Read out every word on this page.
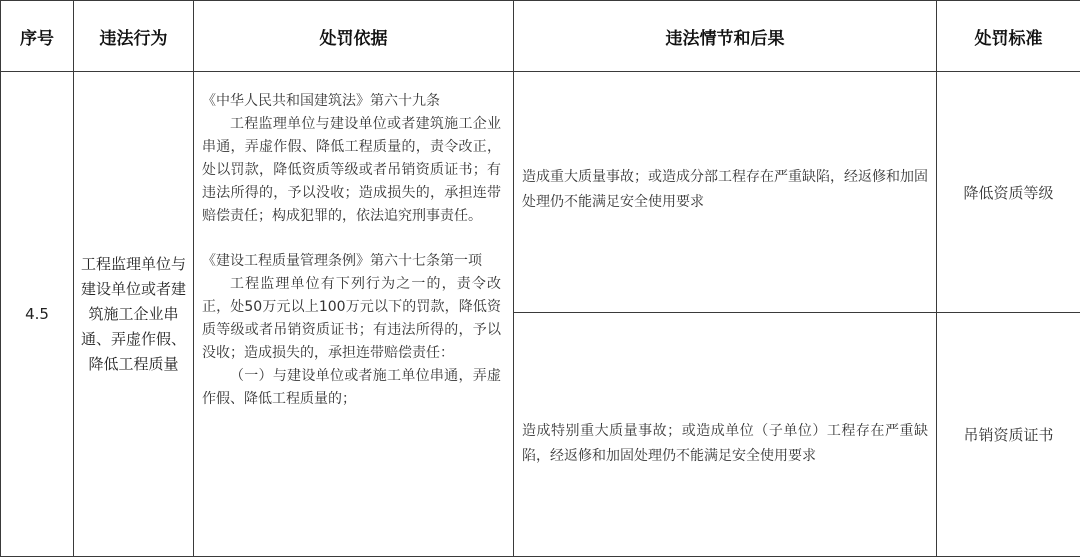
序号	违法行为	处罚依据	违法情节和后果	处罚标准
4.5	工程监理单位与建设单位或者建筑施工企业串通、弄虚作假、降低工程质量	《中华人民共和国建筑法》第六十九条
工程监理单位与建设单位或者建筑施工企业串通，弄虚作假、降低工程质量的，责令改正，处以罚款，降低资质等级或者吊销资质证书；有违法所得的，予以没收；造成损失的，承担连带赔偿责任；构成犯罪的，依法追究刑事责任。
《建设工程质量管理条例》第六十七条第一项
工程监理单位有下列行为之一的，责令改正，处50万元以上100万元以下的罚款，降低资质等级或者吊销资质证书；有违法所得的，予以没收；造成损失的，承担连带赔偿责任：
（一）与建设单位或者施工单位串通，弄虚作假、降低工程质量的；	造成重大质量事故；或造成分部工程存在严重缺陷，经返修和加固处理仍不能满足安全使用要求	降低资质等级

			造成特别重大质量事故；或造成单位（子单位）工程存在严重缺陷，经返修和加固处理仍不能满足安全使用要求	吊销资质证书
